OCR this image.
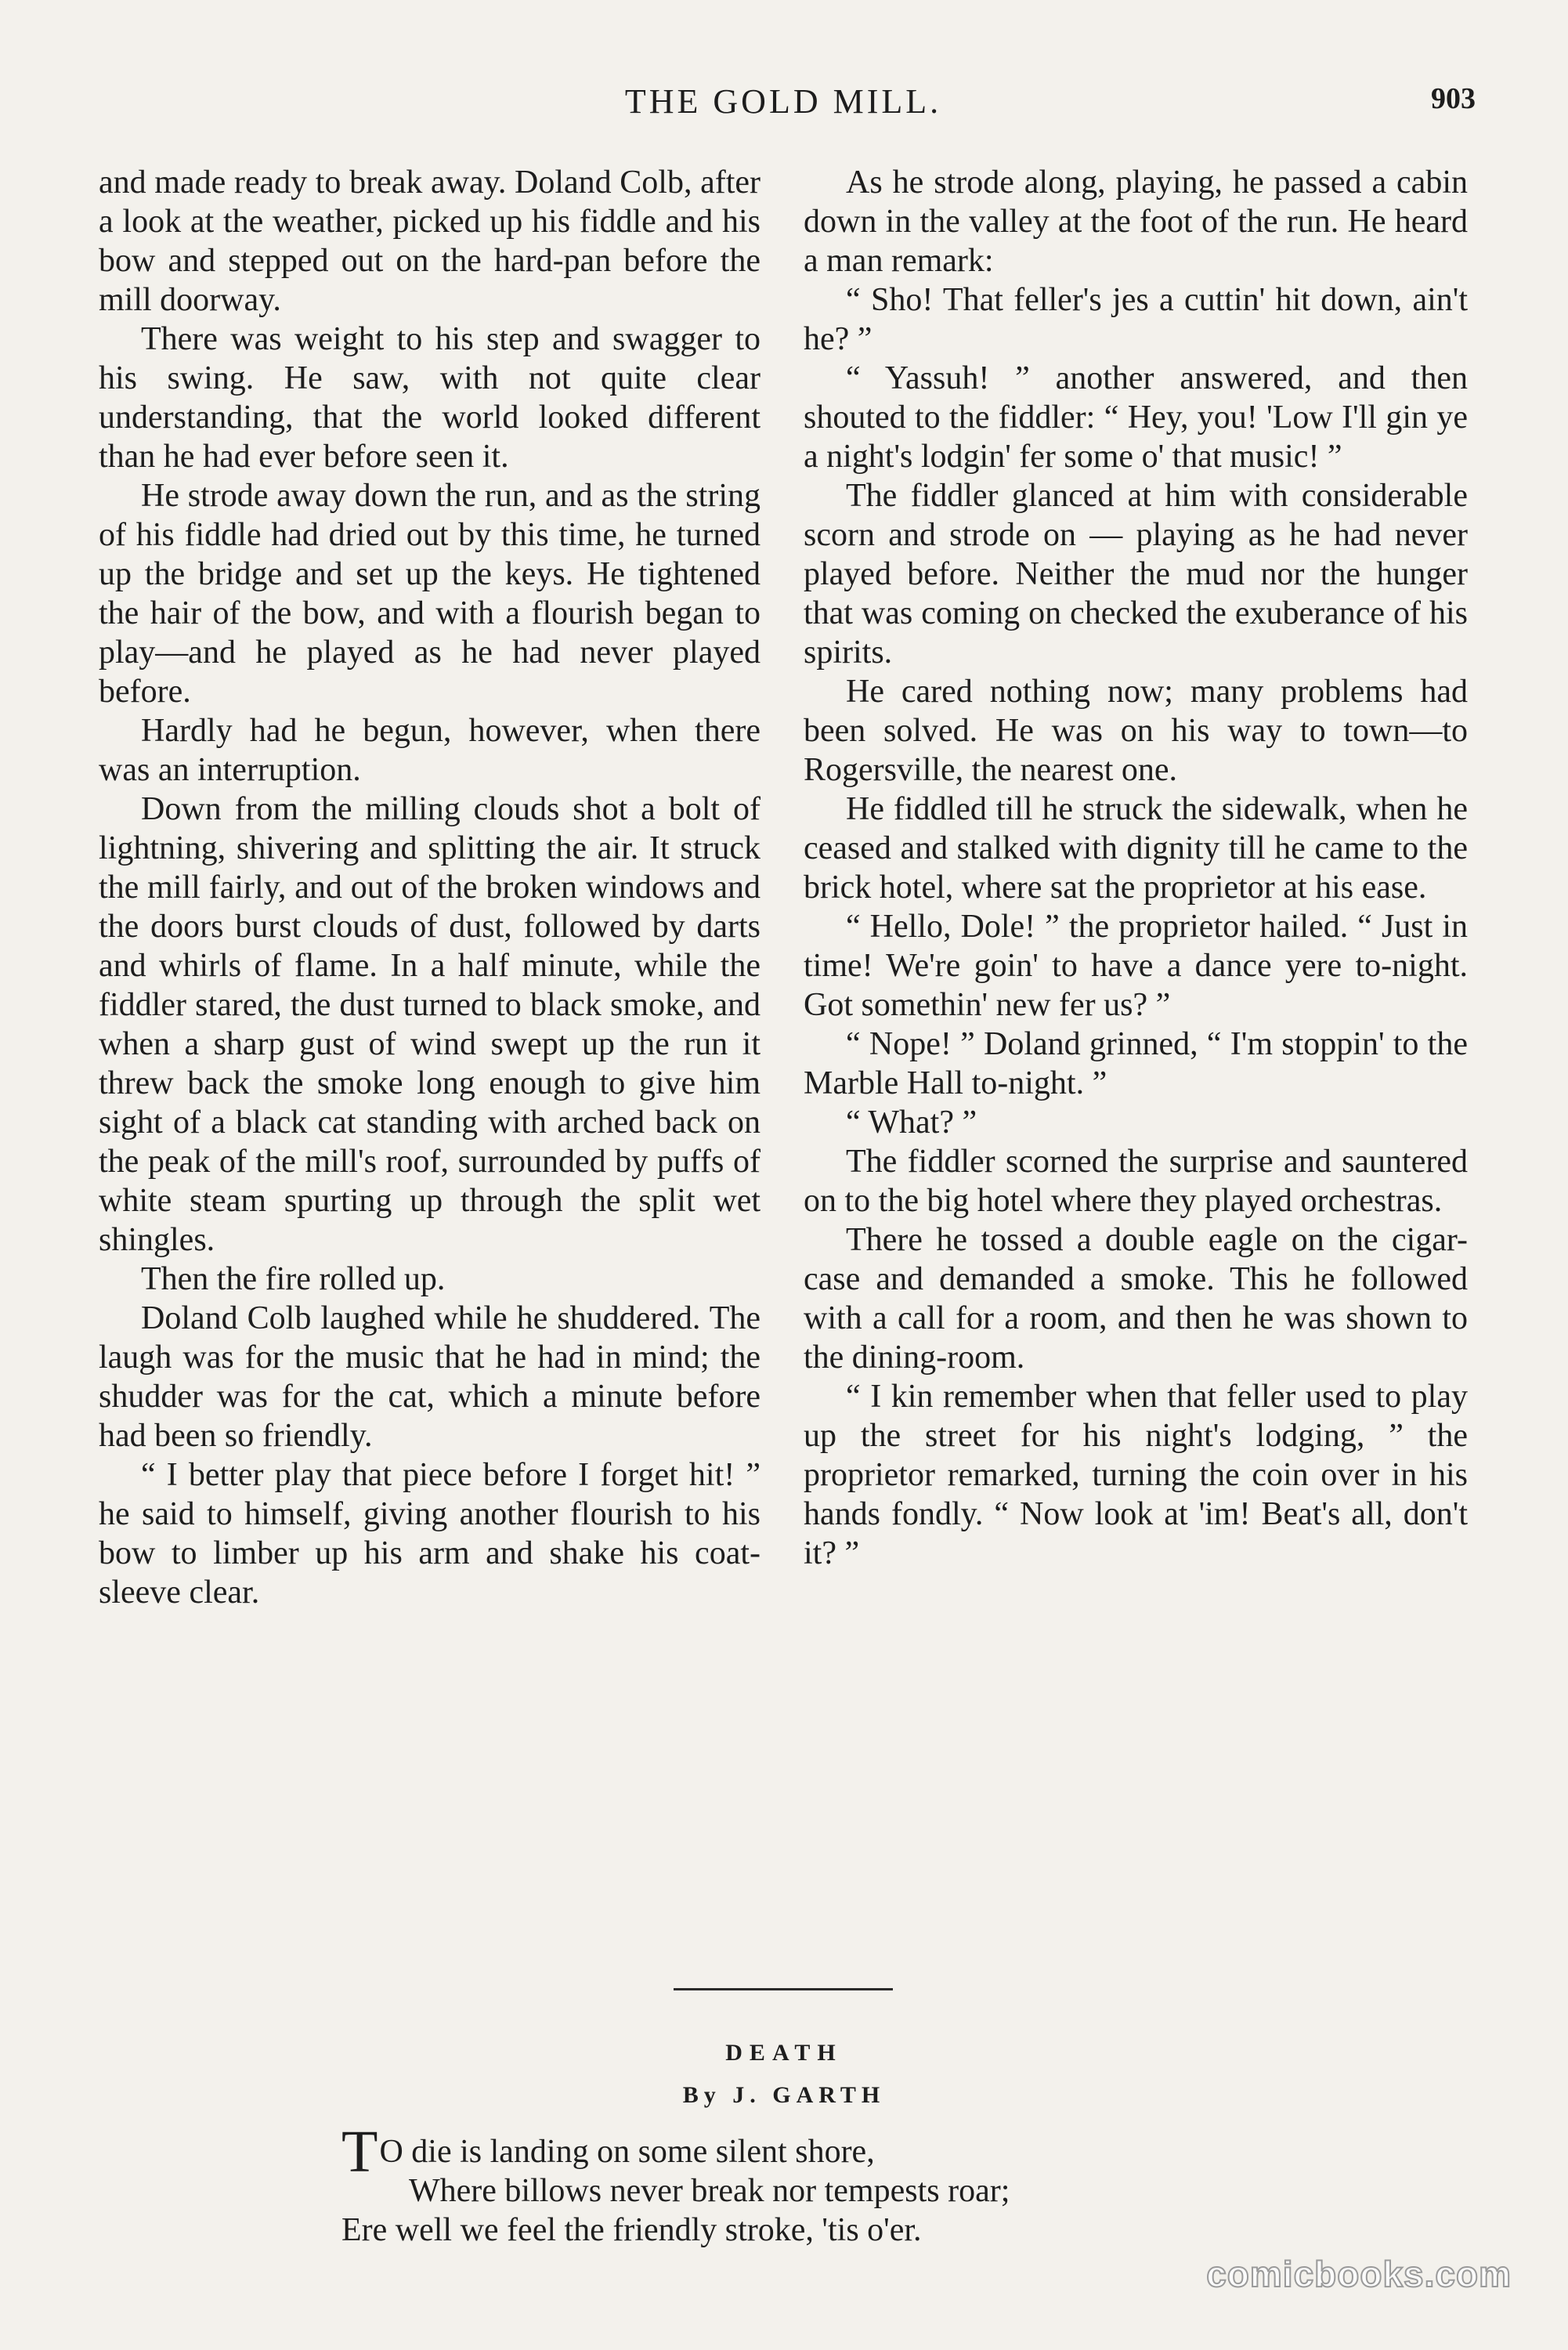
THE GOLD MILL.	903

and made ready to break away. Doland Colb, after a look at the weather, picked up his fiddle and his bow and stepped out on the hard-pan before the mill doorway.

There was weight to his step and swagger to his swing. He saw, with not quite clear understanding, that the world looked different than he had ever before seen it.

He strode away down the run, and as the string of his fiddle had dried out by this time, he turned up the bridge and set up the keys. He tightened the hair of the bow, and with a flourish began to play—and he played as he had never played before.

Hardly had he begun, however, when there was an interruption.

Down from the milling clouds shot a bolt of lightning, shivering and splitting the air. It struck the mill fairly, and out of the broken windows and the doors burst clouds of dust, followed by darts and whirls of flame. In a half minute, while the fiddler stared, the dust turned to black smoke, and when a sharp gust of wind swept up the run it threw back the smoke long enough to give him sight of a black cat standing with arched back on the peak of the mill's roof, surrounded by puffs of white steam spurting up through the split wet shingles.

Then the fire rolled up.

Doland Colb laughed while he shuddered. The laugh was for the music that he had in mind; the shudder was for the cat, which a minute before had been so friendly.

“ I better play that piece before I forget hit! ” he said to himself, giving another flourish to his bow to limber up his arm and shake his coat-sleeve clear.

As he strode along, playing, he passed a cabin down in the valley at the foot of the run. He heard a man remark:

“ Sho! That feller's jes a cuttin' hit down, ain't he? ”

“ Yassuh! ” another answered, and then shouted to the fiddler: “ Hey, you! 'Low I'll gin ye a night's lodgin' fer some o' that music! ”

The fiddler glanced at him with considerable scorn and strode on — playing as he had never played before. Neither the mud nor the hunger that was coming on checked the exuberance of his spirits.

He cared nothing now; many problems had been solved. He was on his way to town—to Rogersville, the nearest one.

He fiddled till he struck the sidewalk, when he ceased and stalked with dignity till he came to the brick hotel, where sat the proprietor at his ease.

“ Hello, Dole! ” the proprietor hailed. “ Just in time! We're goin' to have a dance yere to-night. Got somethin' new fer us? ”

“ Nope! ” Doland grinned, “ I'm stoppin' to the Marble Hall to-night. ”

“ What? ”

The fiddler scorned the surprise and sauntered on to the big hotel where they played orchestras.

There he tossed a double eagle on the cigar-case and demanded a smoke. This he followed with a call for a room, and then he was shown to the dining-room.

“ I kin remember when that feller used to play up the street for his night's lodging, ” the proprietor remarked, turning the coin over in his hands fondly. “ Now look at 'im! Beat's all, don't it? ”

DEATH
By J. GARTH
TO die is landing on some silent shore,
Where billows never break nor tempests roar;
Ere well we feel the friendly stroke, 'tis o'er.
comicbooks.com
